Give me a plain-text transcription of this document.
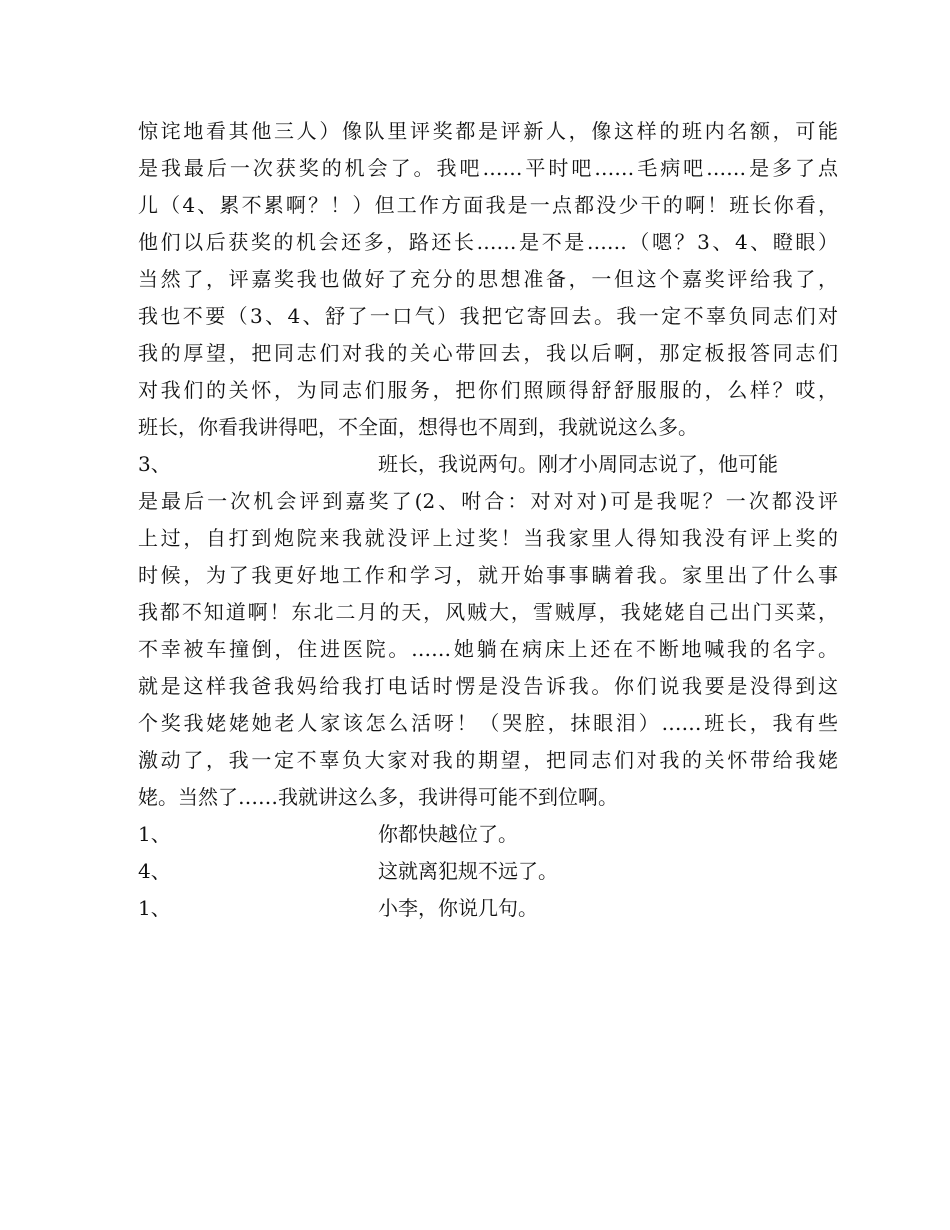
惊诧地看其他三人）像队里评奖都是评新人，像这样的班内名额，可能
是我最后一次获奖的机会了。我吧……平时吧……毛病吧……是多了点
儿（4、累不累啊？！）但工作方面我是一点都没少干的啊！班长你看，
他们以后获奖的机会还多，路还长……是不是……（嗯？3、4、瞪眼）
当然了，评嘉奖我也做好了充分的思想准备，一但这个嘉奖评给我了，
我也不要（3、4、舒了一口气）我把它寄回去。我一定不辜负同志们对
我的厚望，把同志们对我的关心带回去，我以后啊，那定板报答同志们
对我们的关怀，为同志们服务，把你们照顾得舒舒服服的，么样？哎，
班长，你看我讲得吧，不全面，想得也不周到，我就说这么多。
3、	班长，我说两句。刚才小周同志说了，他可能
是最后一次机会评到嘉奖了(2、咐合：对对对)可是我呢？一次都没评
上过，自打到炮院来我就没评上过奖！当我家里人得知我没有评上奖的
时候，为了我更好地工作和学习，就开始事事瞒着我。家里出了什么事
我都不知道啊！东北二月的天，风贼大，雪贼厚，我姥姥自己出门买菜，
不幸被车撞倒，住进医院。……她躺在病床上还在不断地喊我的名字。
就是这样我爸我妈给我打电话时愣是没告诉我。你们说我要是没得到这
个奖我姥姥她老人家该怎么活呀！（哭腔，抹眼泪）……班长，我有些
激动了，我一定不辜负大家对我的期望，把同志们对我的关怀带给我姥
姥。当然了……我就讲这么多，我讲得可能不到位啊。
1、	你都快越位了。
4、	这就离犯规不远了。
1、	小李，你说几句。
